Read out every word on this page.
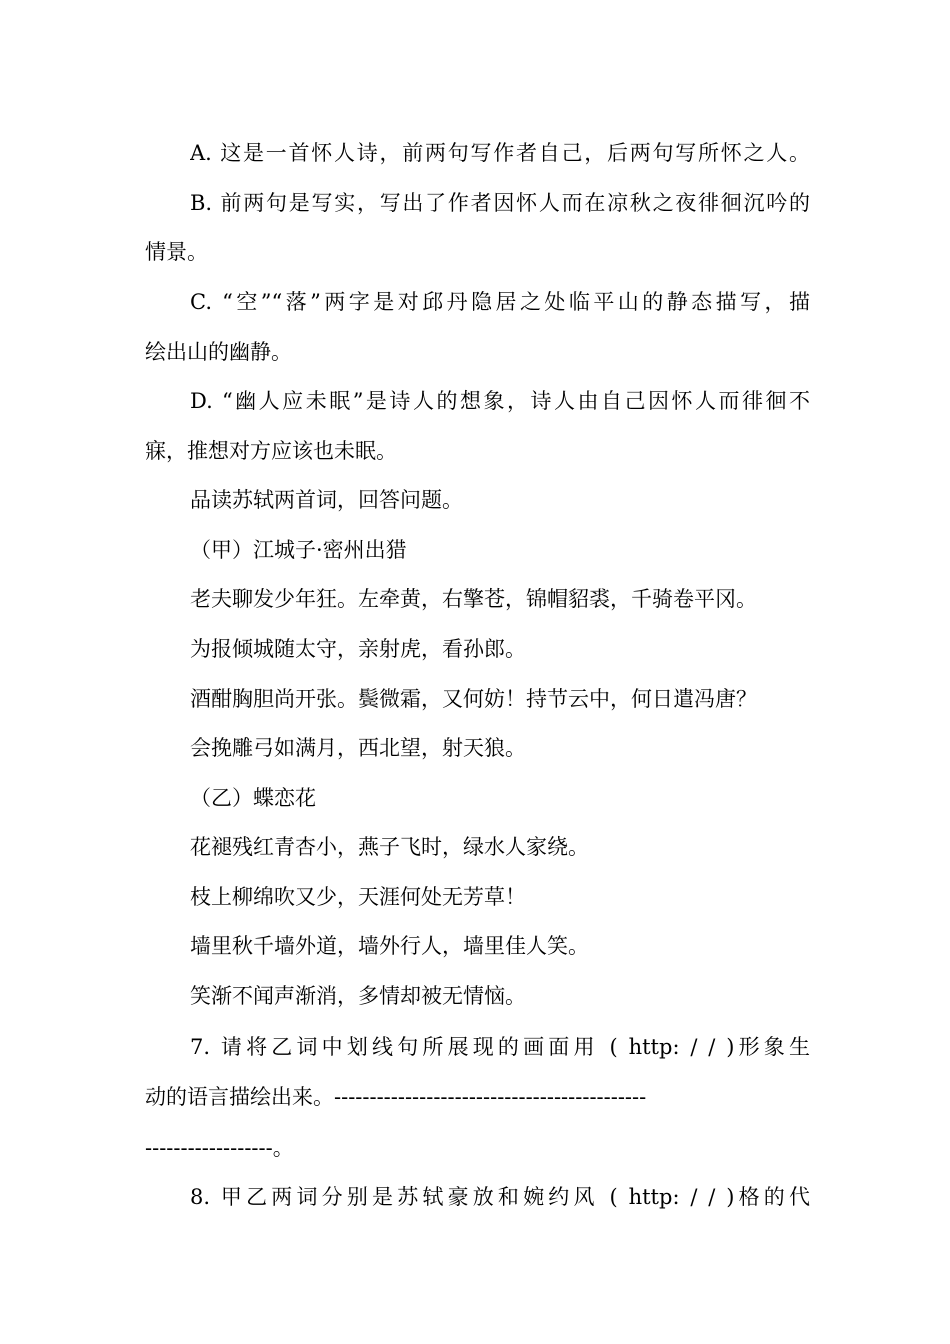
A. 这是一首怀人诗，前两句写作者自己，后两句写所怀之人。
B. 前两句是写实，写出了作者因怀人而在凉秋之夜徘徊沉吟的
情景。
C. “空”“落”两字是对邱丹隐居之处临平山的静态描写，描
绘出山的幽静。
D. “幽人应未眠”是诗人的想象，诗人由自己因怀人而徘徊不
寐，推想对方应该也未眠。
品读苏轼两首词，回答问题。
（甲）江城子·密州出猎
老夫聊发少年狂。左牵黄，右擎苍，锦帽貂裘，千骑卷平冈。
为报倾城随太守，亲射虎，看孙郎。
酒酣胸胆尚开张。鬓微霜，又何妨！持节云中，何日遣冯唐？
会挽雕弓如满月，西北望，射天狼。
（乙）蝶恋花
花褪残红青杏小，燕子飞时，绿水人家绕。
枝上柳绵吹又少，天涯何处无芳草！
墙里秋千墙外道，墙外行人，墙里佳人笑。
笑渐不闻声渐消，多情却被无情恼。
7. 请将乙词中划线句所展现的画面用 ( http: / / )形象生
动的语言描绘出来。--------------------------------------------
------------------。
8. 甲乙两词分别是苏轼豪放和婉约风 ( http: / / )格的代
